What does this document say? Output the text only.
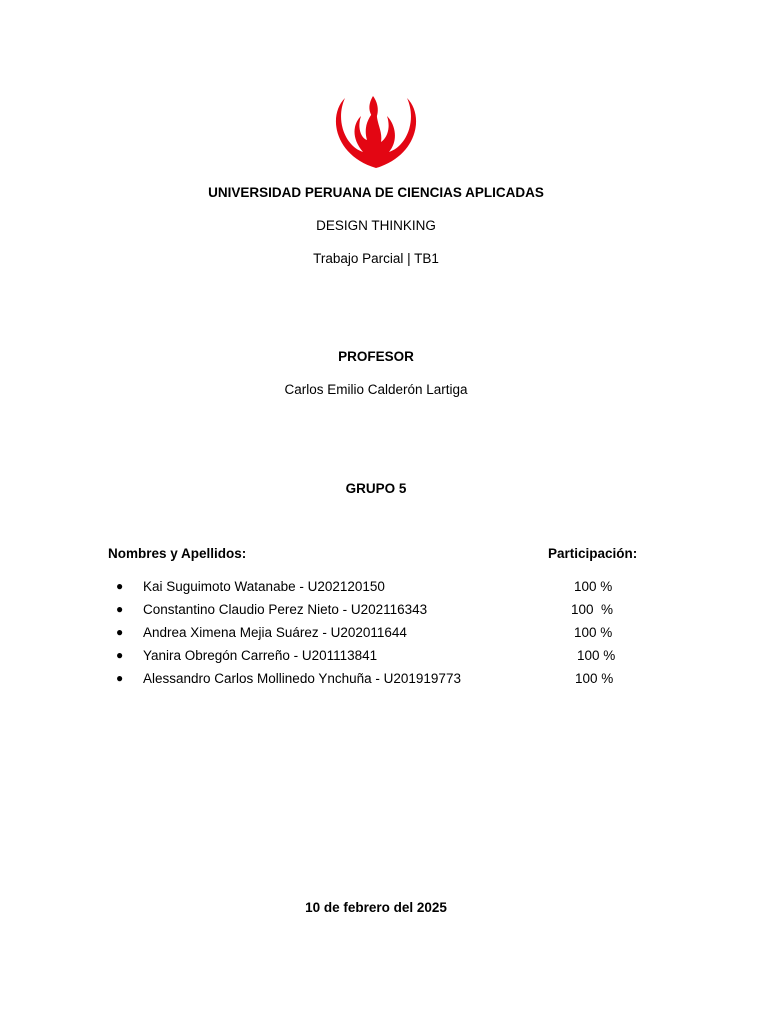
UNIVERSIDAD PERUANA DE CIENCIAS APLICADAS
DESIGN THINKING
Trabajo Parcial | TB1
PROFESOR
Carlos Emilio Calderón Lartiga
GRUPO 5
Nombres y Apellidos:	Participación:
● Kai Suguimoto Watanabe - U202120150	100 %
● Constantino Claudio Perez Nieto - U202116343	100  %
● Andrea Ximena Mejia Suárez - U202011644	100 %
● Yanira Obregón Carreño - U201113841	100 %
● Alessandro Carlos Mollinedo Ynchuña - U201919773	100 %
10 de febrero del 2025
